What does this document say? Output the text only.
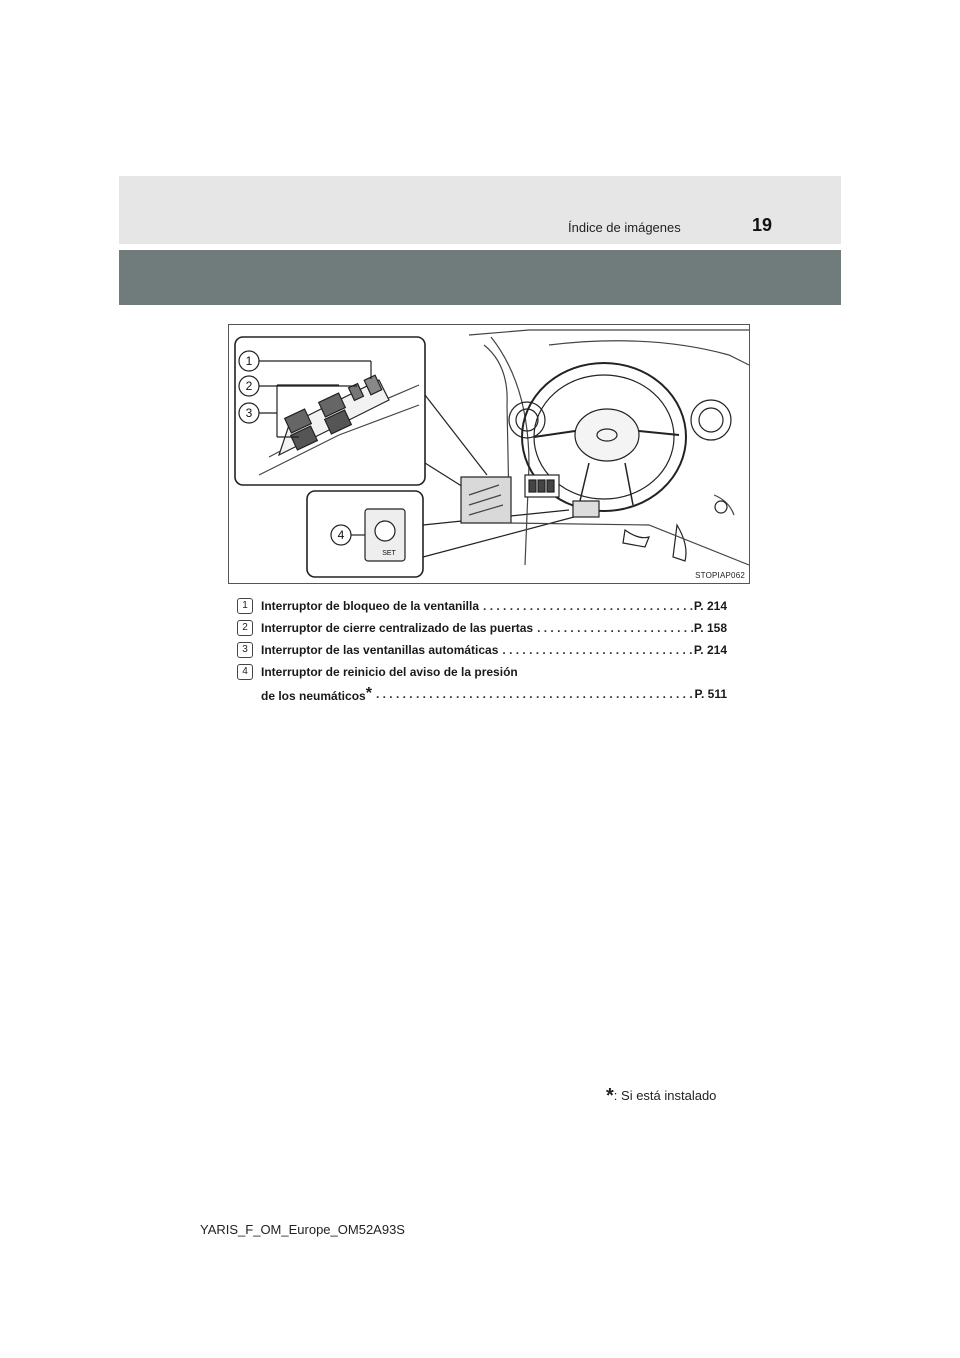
Índice de imágenes	19
1
2
3
SET
4
STOPIAP062
1	Interruptor de bloqueo de la ventanilla . . .	P. 214
2	Interruptor de cierre centralizado de las puertas . . .	P. 158
3	Interruptor de las ventanillas automáticas . . .	P. 214
4	Interruptor de reinicio del aviso de la presión
de los neumáticos* . . .	P. 511
*: Si está instalado
YARIS_F_OM_Europe_OM52A93S
